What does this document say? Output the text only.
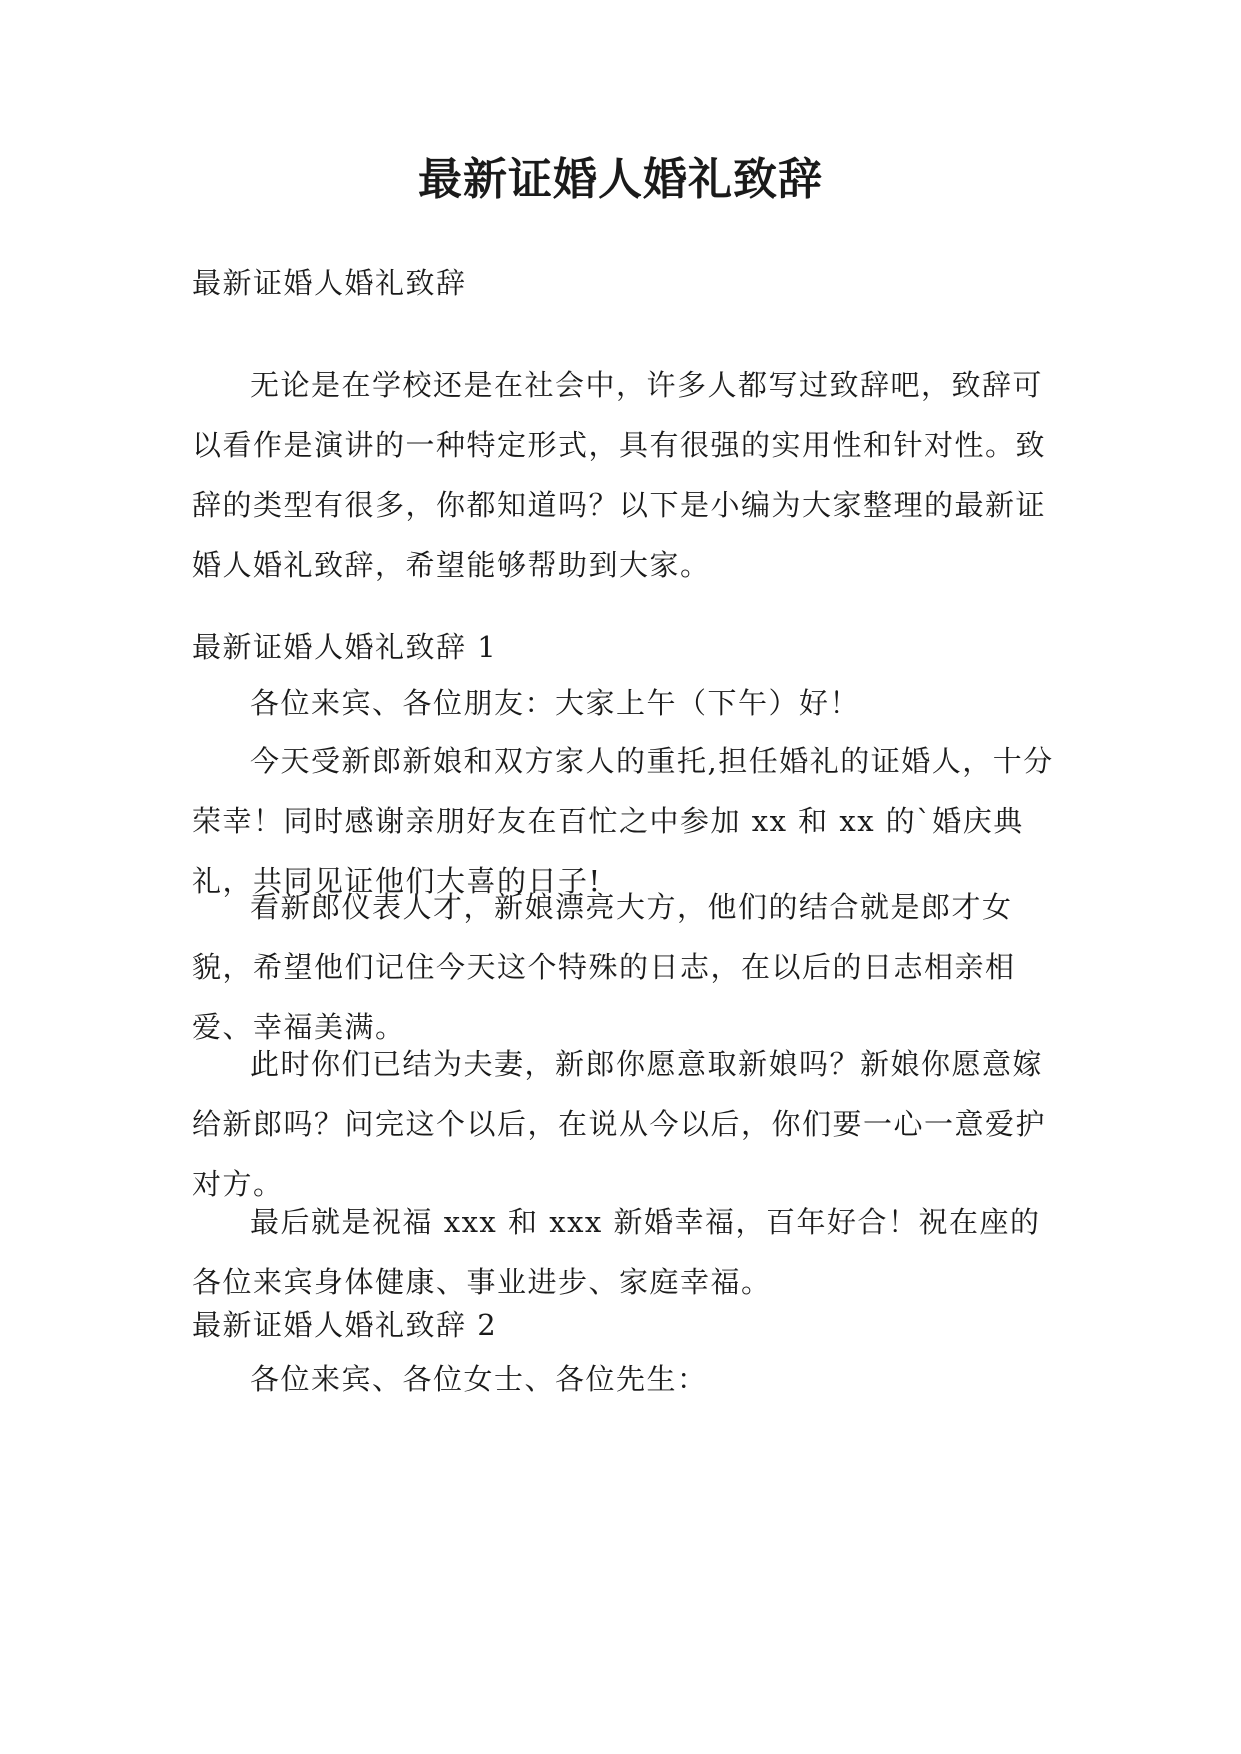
最新证婚人婚礼致辞

最新证婚人婚礼致辞

无论是在学校还是在社会中，许多人都写过致辞吧，致辞可以看作是演讲的一种特定形式，具有很强的实用性和针对性。致辞的类型有很多，你都知道吗？以下是小编为大家整理的最新证婚人婚礼致辞，希望能够帮助到大家。

最新证婚人婚礼致辞 1

各位来宾、各位朋友：大家上午（下午）好！

今天受新郎新娘和双方家人的重托,担任婚礼的证婚人，十分荣幸！同时感谢亲朋好友在百忙之中参加 xx 和 xx 的`婚庆典礼，共同见证他们大喜的日子!

看新郎仪表人才，新娘漂亮大方，他们的结合就是郎才女貌，希望他们记住今天这个特殊的日志，在以后的日志相亲相爱、幸福美满。

此时你们已结为夫妻，新郎你愿意取新娘吗？新娘你愿意嫁给新郎吗？问完这个以后，在说从今以后，你们要一心一意爱护对方。

最后就是祝福 xxx 和 xxx 新婚幸福，百年好合！祝在座的各位来宾身体健康、事业进步、家庭幸福。

最新证婚人婚礼致辞 2

各位来宾、各位女士、各位先生：
